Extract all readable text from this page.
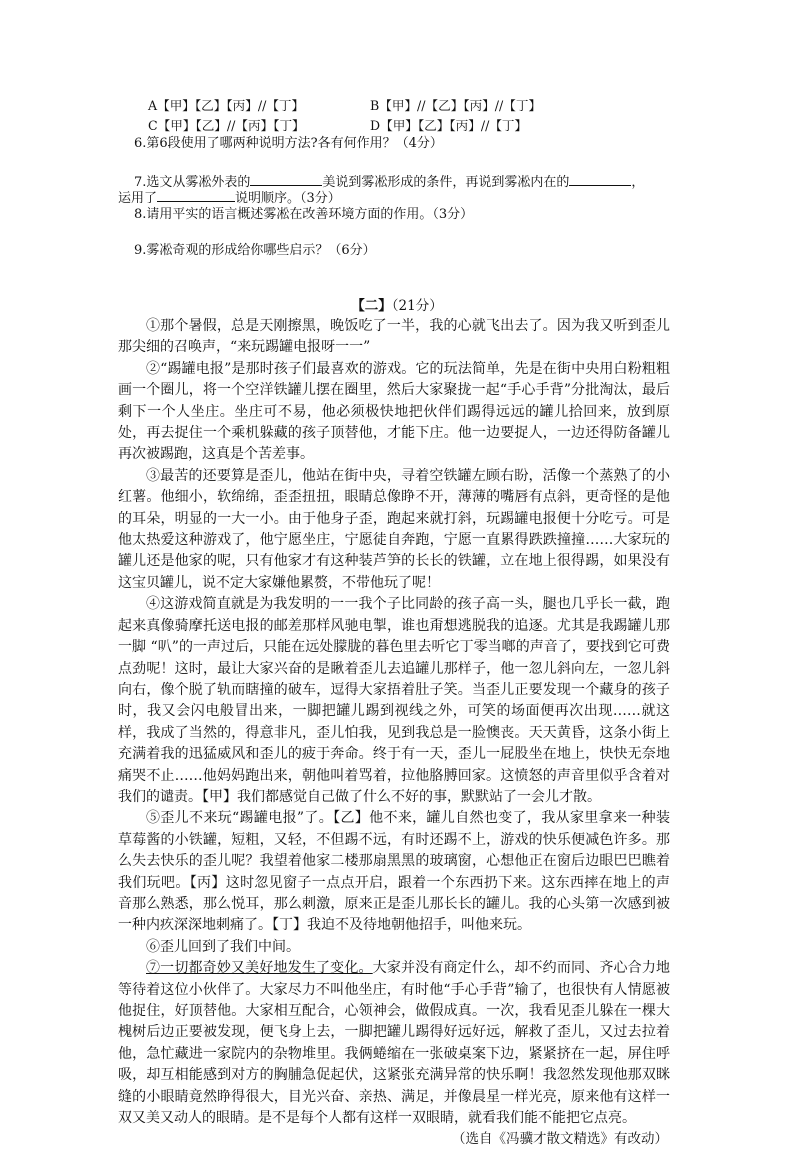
A【甲】【乙】【丙】//【丁】	B【甲】//【乙】【丙】//【丁】
C【甲】【乙】//【丙】【丁】	D【甲】【乙】【丙】//【丁】
6.第6段使用了哪两种说明方法?各有何作用？（4分）
7.选文从雾凇外表的	美说到雾凇形成的条件，再说到雾凇内在的	，
运用了	说明顺序。（3分）
8.请用平实的语言概述雾凇在改善环境方面的作用。（3分）
9.雾凇奇观的形成给你哪些启示？（6分）
【二】（21分）

①那个暑假，总是天刚擦黑，晚饭吃了一半，我的心就飞出去了。因为我又听到歪儿那尖细的召唤声，“来玩踢罐电报呀一一”

②“踢罐电报”是那时孩子们最喜欢的游戏。它的玩法简单，先是在街中央用白粉粗粗画一个圈儿，将一个空洋铁罐儿摆在圈里，然后大家聚拢一起“手心手背”分批淘汰，最后剩下一个人坐庄。坐庄可不易，他必须极快地把伙伴们踢得远远的罐儿拾回来，放到原处，再去捉住一个乘机躲藏的孩子顶替他，才能下庄。他一边要捉人，一边还得防备罐儿再次被踢跑，这真是个苦差事。

③最苦的还要算是歪儿，他站在街中央，寻着空铁罐左顾右盼，活像一个蒸熟了的小红薯。他细小，软绵绵，歪歪扭扭，眼睛总像睁不开，薄薄的嘴唇有点斜，更奇怪的是他的耳朵，明显的一大一小。由于他身子歪，跑起来就打斜，玩踢罐电报便十分吃亏。可是他太热爱这种游戏了，他宁愿坐庄，宁愿徒自奔跑，宁愿一直累得跌跌撞撞……大家玩的罐儿还是他家的呢，只有他家才有这种装芦笋的长长的铁罐，立在地上很得踢，如果没有这宝贝罐儿，说不定大家嫌他累赘，不带他玩了呢！

④这游戏简直就是为我发明的一一我个子比同龄的孩子高一头，腿也几乎长一截，跑起来真像骑摩托送电报的邮差那样风驰电掣，谁也甭想逃脱我的追逐。尤其是我踢罐儿那一脚 “叭”的一声过后，只能在远处朦胧的暮色里去听它丁零当啷的声音了，要找到它可费点劲呢！这时，最让大家兴奋的是瞅着歪儿去追罐儿那样子，他一忽儿斜向左，一忽儿斜向右，像个脱了轨而瞎撞的破车，逗得大家捂着肚子笑。当歪儿正要发现一个藏身的孩子时，我又会闪电般冒出来，一脚把罐儿踢到视线之外，可笑的场面便再次出现……就这样，我成了当然的，得意非凡，歪儿怕我，见到我总是一脸懊丧。天天黄昏，这条小街上充满着我的迅猛威风和歪儿的疲于奔命。终于有一天，歪儿一屁股坐在地上，快快无奈地痛哭不止……他妈妈跑出来，朝他叫着骂着，拉他胳膊回家。这愤怒的声音里似乎含着对我们的谴责。【甲】我们都感觉自己做了什么不好的事，默默站了一会儿才散。

⑤歪儿不来玩“踢罐电报”了。【乙】他不来，罐儿自然也变了，我从家里拿来一种装草莓酱的小铁罐，短粗，又轻，不但踢不远，有时还踢不上，游戏的快乐便减色许多。那么失去快乐的歪儿呢？我望着他家二楼那扇黑黑的玻璃窗，心想他正在窗后边眼巴巴瞧着我们玩吧。【丙】这时忽见窗子一点点开启，跟着一个东西扔下来。这东西摔在地上的声音那么熟悉，那么悦耳，那么刺激，原来正是歪儿那长长的罐儿。我的心头第一次感到被一种内疚深深地刺痛了。【丁】我迫不及待地朝他招手，叫他来玩。

⑥歪儿回到了我们中间。

⑦一切都奇妙又美好地发生了变化。大家并没有商定什么，却不约而同、齐心合力地等待着这位小伙伴了。大家尽力不叫他坐庄，有时他“手心手背”输了，也很快有人情愿被他捉住，好顶替他。大家相互配合，心领神会，做假成真。一次，我看见歪儿躲在一棵大槐树后边正要被发现，便飞身上去，一脚把罐儿踢得好远好远，解救了歪儿，又过去拉着他，急忙藏进一家院内的杂物堆里。我俩蜷缩在一张破桌案下边，紧紧挤在一起，屏住呼吸，却互相能感到对方的胸脯急促起伏，这紧张充满异常的快乐啊！我忽然发现他那双眯缝的小眼睛竟然睁得很大，目光兴奋、亲热、满足，并像晨星一样光亮，原来他有这样一双又美又动人的眼睛。是不是每个人都有这样一双眼睛，就看我们能不能把它点亮。

（选自《冯骥才散文精选》有改动）
